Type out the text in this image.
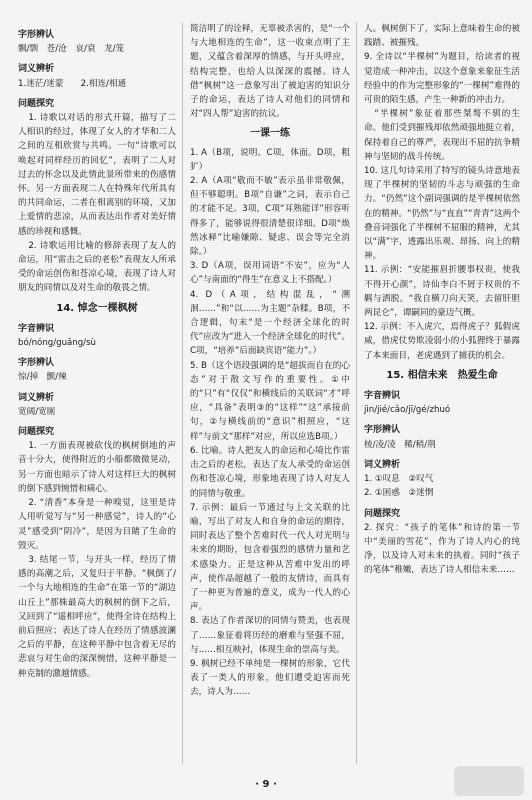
字形辨认

飘/剽　苍/沧　哀/衰　龙/笼

词义辨析

1.迷茫/迷蒙　　2.相连/相通

问题探究

1. 诗歌以对话的形式开篇，描写了二人相识的经过，体现了女人的才华和二人之间的互相欣赏与共鸣。一句“诗歌可以唤起对同样经历的回忆”，表明了二人对过去的怀念以及此情此景所带来的伤感情怀。另一方面表现二人在特殊年代所具有的共同命运，二者在相离别的环境，又加上爱情的悲凉，从而表达出作者对美好情感的珍视和感慨。

2. 诗歌运用比喻的修辞表现了友人的命运，用“雷击之后的老松”表现友人所承受的命运创伤和苍凉心境，表现了诗人对朋友的同情以及对生命的敬畏之情。

14. 悼念一棵枫树
字音辨识

bó/nóng/guǎng/sù

字形辨认

惊/掉　颤/辣

词义辨析

宽阔/宽厕

问题探究

1. 一方面表现被砍伐的枫树倒地的声音十分大，使得附近的小船都微微晃动，另一方面也暗示了诗人对这样巨大的枫树的倒下感到惋惜和痛心。

2. “清香”本身是一种嗅觉，这里是诗人用听觉写与“另一种感觉”，诗人的“心灵”感受到“阴冷”，是因为目睹了生命的毁灭。

3. 结尾一节，与开头一样，经历了情感的高潮之后，又复归于平静。“枫倒了/一个与大地相连的生命”在第一节的“湖边山丘上”那株最高大的枫树的倒下之后，又回到了“遥相呼应”，使得全诗在结构上前后照应；表达了诗人在经历了情感波澜之后的平静，在这种平静中包含着无尽的悲哀与对生命的深深惋惜，这种平静是一种克制的激越情感。

简洁明了的诠释，无辜被杀害的，是“一个与大地相连的生命”，这一收束点明了主题，又蕴含着深厚的情感，与开头呼应，结构完整，也给人以深深的震撼。诗人借“枫树”这一意象写出了被迫害的知识分子的命运，表达了诗人对他们的同情和对“四人帮”迫害的抗议。

一课一练

1. A（B项，说明。C项，体面。D项，粗犷）

2. A（A项“敬而不敏”表示虽非常敬佩，但不够聪明。B项“自谦”之词，表示自己的才能不足。3项，C项“耳熟能详”形容听得多了，能够说得很清楚很详细。D项“焕然冰释”比喻嫌隙、疑虑、误会等完全消除。）

3. D（A项，误用词语“不安”，应为“人心”与南面的“得生”在意义上不搭配。）

4. D（A项，结构混乱，“溯洄……”和“以……为主题”杂糅。B项，不合逻辑，句末“是一个经济全球化的时代”应改为“进入一个经济全球化的时代”。C项，“培养”后面缺宾语“能力”。）

5. B（这个语段强调的是“超拔而自在的心态”对于散文写作的重要性。①中的“只”有“仅仅”和横线后的关联词“才”呼应，“具备”表明③的“这样”“这”承接前句，②与横线前的“意识”相照应，“这样”与前文“那样”对应，所以应选B项。）

6. 比喻。诗人把友人的命运和心境比作雷击之后的老松，表达了友人承受的命运创伤和苍凉心境，形象地表现了诗人对友人的同情与敬重。

7. 示例：最后一节通过与上文关联的比喻，写出了对友人和自身的命运的期待，同时表达了整个苦难时代一代人对光明与未来的期盼，包含着强烈的感情力量和艺术感染力。正是这种从苦难中发出的呼声，使作品超越了一般的友情诗，而具有了一种更为普遍的意义，成为一代人的心声。

8. 表达了作者深切的同情与赞美，也表现了……象征着将历经的磨难与坚强不屈，与……相互映衬，体现生命的崇高与美。

9. 枫树已经不单纯是一棵树的形象，它代表了一类人的形象，他们遭受迫害而死去，诗人为……

人。枫树倒下了，实际上意味着生命的被践踏、被摧残。

9. 全诗以“半棵树”为题目，给读者的视觉造成一种冲击，以这个意象来象征生活经验中的作为完整形象的“一棵树”难得的可贵的陌生感，产生一种新的冲击力。

“半棵树”象征着那些桀骜不驯的生命。他们受到摧残却依然顽强地挺立着，保持着自己的尊严，表现出不屈的抗争精神与坚韧的战斗传统。

10. 这几句诗采用了特写的镜头诗意地表现了半棵树的坚韧的斗志与顽强的生命力。“仍然”这个副词强调的是半棵树依然在的精神。“仍然”与“直直”“青青”这两个叠音词强化了半棵树不屈服的精神，尤其以“满”字，透露出乐观、昂扬、向上的精神。

11. 示例：“安能摧眉折腰事权贵，使我不得开心颜”，诗仙李白不屑于权贵的不羁与洒脱。“我自横刀向天笑，去留肝胆两昆仑”，谭嗣同的豪迈气概。

12. 示例：不入虎穴，焉得虎子？狐假虎威，借虎仗势欺凌弱小的小狐狸终于暴露了本来面目，老虎遇到了捕获的机会。

15. 相信未来　热爱生命
字音辨识

jìn/jié/cǎo/jī/gé/zhuó

字形辨认

棱/凌/凌　稀/稍/荆

词义辨析
1. ①叹息　②叹气
2. ①困惑　②迷惘
问题探究

2. 探究：“孩子的笔体”和诗的第一节中“美丽的雪花”，作为了诗人内心的纯净，以及诗人对未来的执着。同时“孩子的笔体”稚嫩，表达了诗人相信未来……

· 9 ·
